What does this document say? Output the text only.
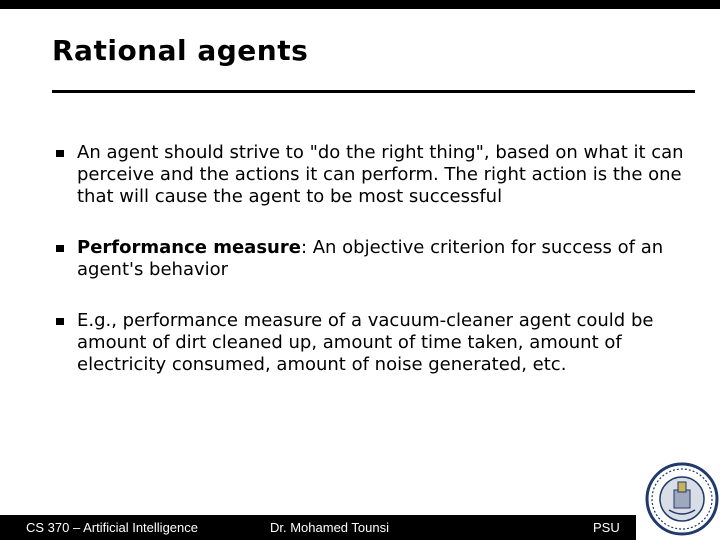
Rational agents
An agent should strive to "do the right thing", based on what it can perceive and the actions it can perform. The right action is the one that will cause the agent to be most successful
Performance measure: An objective criterion for success of an agent's behavior
E.g., performance measure of a vacuum-cleaner agent could be amount of dirt cleaned up, amount of time taken, amount of electricity consumed, amount of noise generated, etc.
CS 370 – Artificial Intelligence	Dr. Mohamed Tounsi	PSU
